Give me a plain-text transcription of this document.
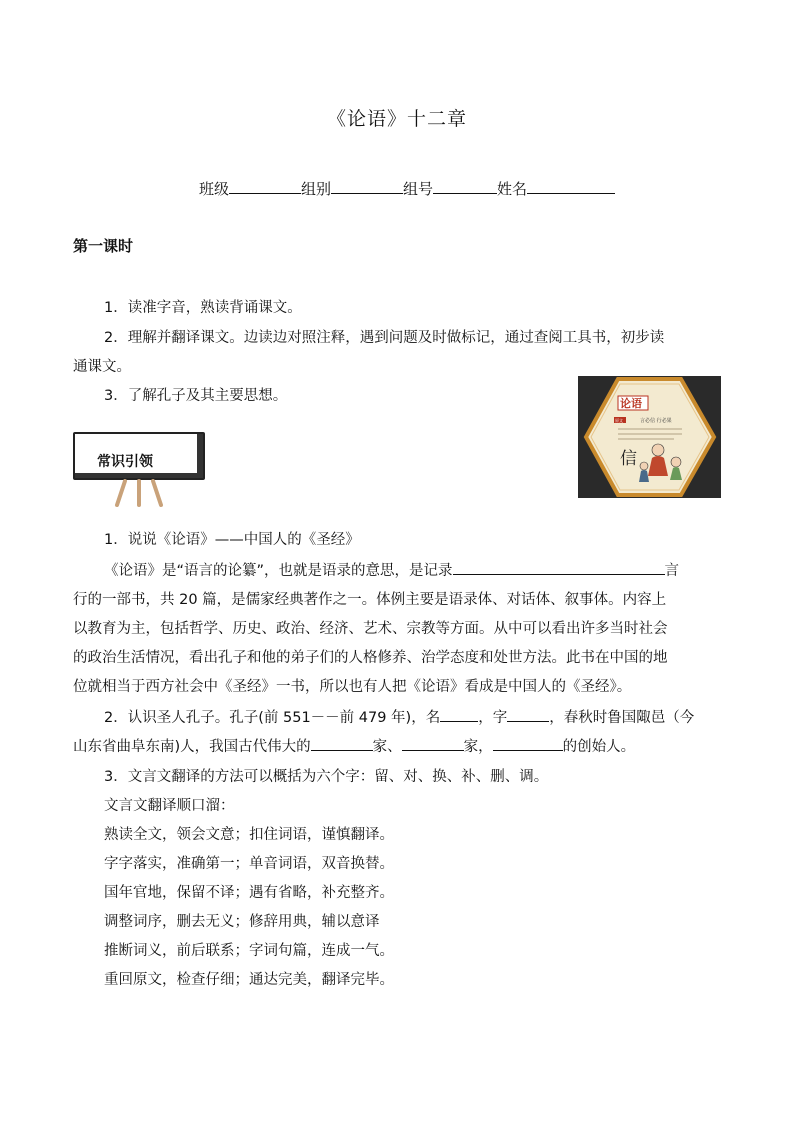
《论语》十二章
班级	组别	组号	姓名
第一课时
1．读准字音，熟读背诵课文。
2．理解并翻译课文。边读边对照注释，遇到问题及时做标记，通过查阅工具书，初步读
通课文。
3．了解孔子及其主要思想。
常识引领
论语
原文	言必信 行必果
信
1．说说《论语》——中国人的《圣经》
《论语》是“语言的论纂”，也就是语录的意思，是记录	言
行的一部书，共 20 篇，是儒家经典著作之一。体例主要是语录体、对话体、叙事体。内容上
以教育为主，包括哲学、历史、政治、经济、艺术、宗教等方面。从中可以看出许多当时社会
的政治生活情况，看出孔子和他的弟子们的人格修养、治学态度和处世方法。此书在中国的地
位就相当于西方社会中《圣经》一书，所以也有人把《论语》看成是中国人的《圣经》。
2．认识圣人孔子。孔子(前 551－－前 479 年)，名	，字	，春秋时鲁国陬邑（今
山东省曲阜东南)人，我国古代伟大的	家、	家，	的创始人。
3．文言文翻译的方法可以概括为六个字：留、对、换、补、删、调。
文言文翻译顺口溜：
熟读全文，领会文意；扣住词语，谨慎翻译。
字字落实，准确第一；单音词语，双音换替。
国年官地，保留不译；遇有省略，补充整齐。
调整词序，删去无义；修辞用典，辅以意译
推断词义，前后联系；字词句篇，连成一气。
重回原文，检查仔细；通达完美，翻译完毕。
